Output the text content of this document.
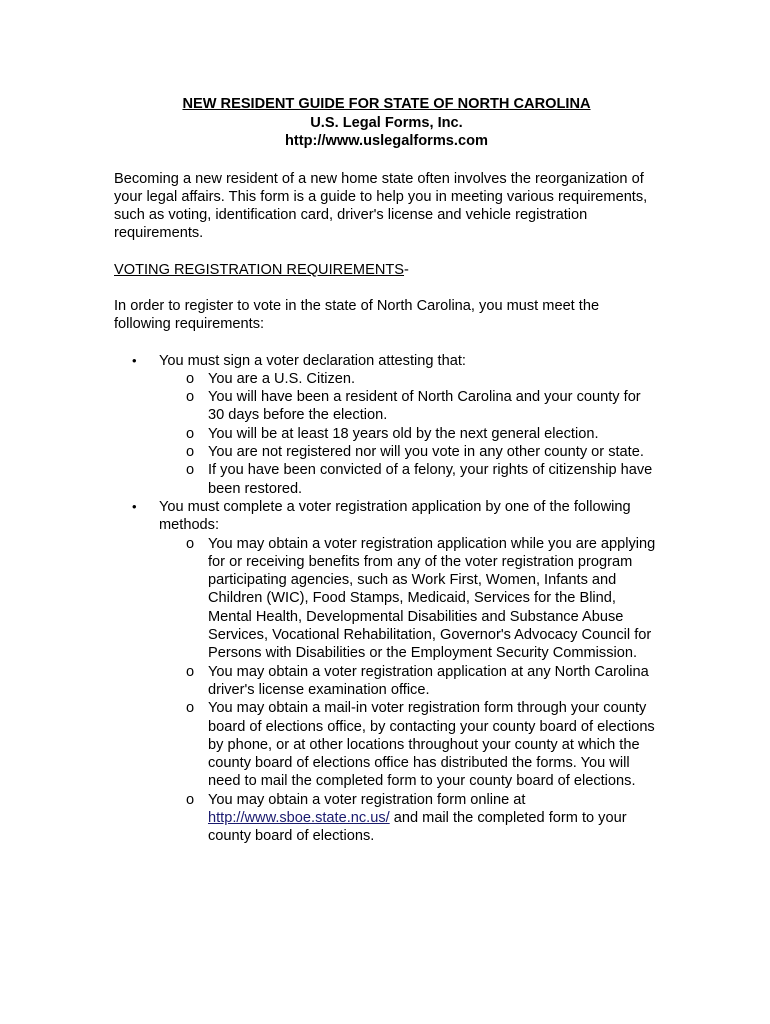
NEW RESIDENT GUIDE FOR STATE OF NORTH CAROLINA
U.S. Legal Forms, Inc.
http://www.uslegalforms.com

Becoming a new resident of a new home state often involves the reorganization of your legal affairs. This form is a guide to help you in meeting various requirements, such as voting, identification card, driver's license and vehicle registration requirements.

VOTING REGISTRATION REQUIREMENTS-

In order to register to vote in the state of North Carolina, you must meet the following requirements:

• You must sign a voter declaration attesting that:
o You are a U.S. Citizen.
o You will have been a resident of North Carolina and your county for 30 days before the election.
o You will be at least 18 years old by the next general election.
o You are not registered nor will you vote in any other county or state.
o If you have been convicted of a felony, your rights of citizenship have been restored.
• You must complete a voter registration application by one of the following methods:
o You may obtain a voter registration application while you are applying for or receiving benefits from any of the voter registration program participating agencies, such as Work First, Women, Infants and Children (WIC), Food Stamps, Medicaid, Services for the Blind, Mental Health, Developmental Disabilities and Substance Abuse Services, Vocational Rehabilitation, Governor's Advocacy Council for Persons with Disabilities or the Employment Security Commission.
o You may obtain a voter registration application at any North Carolina driver's license examination office.
o You may obtain a mail-in voter registration form through your county board of elections office, by contacting your county board of elections by phone, or at other locations throughout your county at which the county board of elections office has distributed the forms. You will need to mail the completed form to your county board of elections.
o You may obtain a voter registration form online at http://www.sboe.state.nc.us/ and mail the completed form to your county board of elections.
